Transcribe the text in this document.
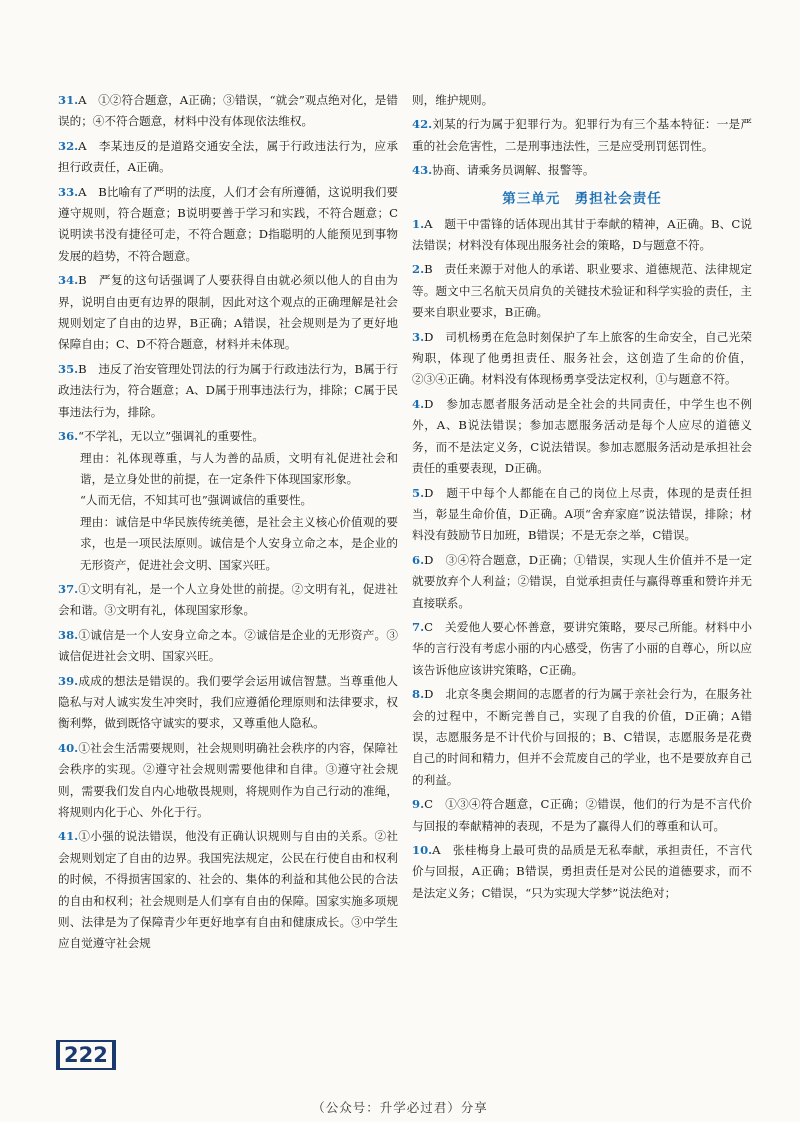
31.A　①②符合题意，A正确；③错误，“就会”观点绝对化，是错误的；④不符合题意，材料中没有体现依法维权。
32.A　李某违反的是道路交通安全法，属于行政违法行为，应承担行政责任，A正确。
33.A　B比喻有了严明的法度，人们才会有所遵循，这说明我们要遵守规则，符合题意；B说明要善于学习和实践，不符合题意；C说明读书没有捷径可走，不符合题意；D指聪明的人能预见到事物发展的趋势，不符合题意。
34.B　严复的这句话强调了人要获得自由就必须以他人的自由为界，说明自由更有边界的限制，因此对这个观点的正确理解是社会规则划定了自由的边界，B正确；A错误，社会规则是为了更好地保障自由；C、D不符合题意，材料并未体现。
35.B　违反了治安管理处罚法的行为属于行政违法行为，B属于行政违法行为，符合题意；A、D属于刑事违法行为，排除；C属于民事违法行为，排除。
36.“不学礼，无以立”强调礼的重要性。
理由：礼体现尊重，与人为善的品质，文明有礼促进社会和谐，是立身处世的前提，在一定条件下体现国家形象。
“人而无信，不知其可也”强调诚信的重要性。
理由：诚信是中华民族传统美德，是社会主义核心价值观的要求，也是一项民法原则。诚信是个人安身立命之本，是企业的无形资产，促进社会文明、国家兴旺。
37.①文明有礼，是一个人立身处世的前提。②文明有礼，促进社会和谐。③文明有礼，体现国家形象。
38.①诚信是一个人安身立命之本。②诚信是企业的无形资产。③诚信促进社会文明、国家兴旺。
39.成成的想法是错误的。我们要学会运用诚信智慧。当尊重他人隐私与对人诚实发生冲突时，我们应遵循伦理原则和法律要求，权衡利弊，做到既恪守诚实的要求，又尊重他人隐私。
40.①社会生活需要规则，社会规则明确社会秩序的内容，保障社会秩序的实现。②遵守社会规则需要他律和自律。③遵守社会规则，需要我们发自内心地敬畏规则，将规则作为自己行动的准绳，将规则内化于心、外化于行。
41.①小强的说法错误，他没有正确认识规则与自由的关系。②社会规则划定了自由的边界。我国宪法规定，公民在行使自由和权利的时候，不得损害国家的、社会的、集体的利益和其他公民的合法的自由和权利；社会规则是人们享有自由的保障。国家实施多项规则、法律是为了保障青少年更好地享有自由和健康成长。③中学生应自觉遵守社会规
则，维护规则。
42.刘某的行为属于犯罪行为。犯罪行为有三个基本特征：一是严重的社会危害性，二是刑事违法性，三是应受刑罚惩罚性。
43.协商、请乘务员调解、报警等。
第三单元　勇担社会责任
1.A　题干中雷锋的话体现出其甘于奉献的精神，A正确。B、C说法错误；材料没有体现出服务社会的策略，D与题意不符。
2.B　责任来源于对他人的承诺、职业要求、道德规范、法律规定等。题文中三名航天员肩负的关键技术验证和科学实验的责任，主要来自职业要求，B正确。
3.D　司机杨勇在危急时刻保护了车上旅客的生命安全，自己光荣殉职，体现了他勇担责任、服务社会，这创造了生命的价值，②③④正确。材料没有体现杨勇享受法定权利，①与题意不符。
4.D　参加志愿者服务活动是全社会的共同责任，中学生也不例外，A、B说法错误；参加志愿服务活动是每个人应尽的道德义务，而不是法定义务，C说法错误。参加志愿服务活动是承担社会责任的重要表现，D正确。
5.D　题干中每个人都能在自己的岗位上尽责，体现的是责任担当，彰显生命价值，D正确。A项“舍弃家庭”说法错误，排除；材料没有鼓励节日加班，B错误；不是无奈之举，C错误。
6.D　③④符合题意，D正确；①错误，实现人生价值并不是一定就要放弃个人利益；②错误，自觉承担责任与赢得尊重和赞许并无直接联系。
7.C　关爱他人要心怀善意，要讲究策略，要尽己所能。材料中小华的言行没有考虑小丽的内心感受，伤害了小丽的自尊心，所以应该告诉他应该讲究策略，C正确。
8.D　北京冬奥会期间的志愿者的行为属于亲社会行为，在服务社会的过程中，不断完善自己，实现了自我的价值，D正确；A错误，志愿服务是不计代价与回报的；B、C错误，志愿服务是花费自己的时间和精力，但并不会荒废自己的学业，也不是要放弃自己的利益。
9.C　①③④符合题意，C正确；②错误，他们的行为是不言代价与回报的奉献精神的表现，不是为了赢得人们的尊重和认可。
10.A　张桂梅身上最可贵的品质是无私奉献，承担责任，不言代价与回报，A正确；B错误，勇担责任是对公民的道德要求，而不是法定义务；C错误，“只为实现大学梦”说法绝对；
222
（公众号：升学必过君）分享
